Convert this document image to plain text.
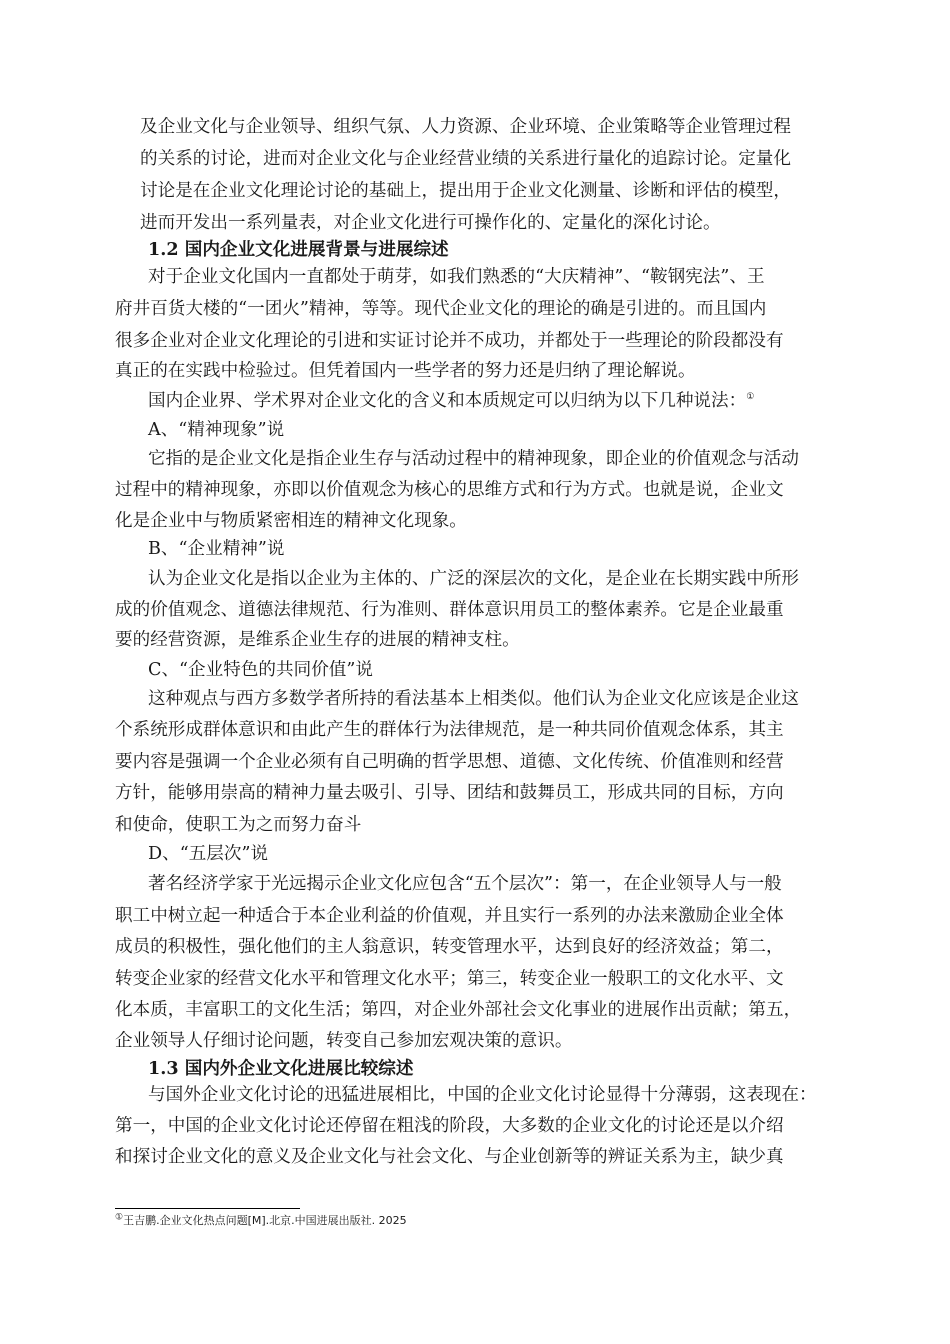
及企业文化与企业领导、组织气氛、人力资源、企业环境、企业策略等企业管理过程
的关系的讨论，进而对企业文化与企业经营业绩的关系进行量化的追踪讨论。定量化
讨论是在企业文化理论讨论的基础上，提出用于企业文化测量、诊断和评估的模型，
进而开发出一系列量表，对企业文化进行可操作化的、定量化的深化讨论。
1.2 国内企业文化进展背景与进展综述
对于企业文化国内一直都处于萌芽，如我们熟悉的“大庆精神”、“鞍钢宪法”、王
府井百货大楼的“一团火”精神，等等。现代企业文化的理论的确是引进的。而且国内
很多企业对企业文化理论的引进和实证讨论并不成功，并都处于一些理论的阶段都没有
真正的在实践中检验过。但凭着国内一些学者的努力还是归纳了理论解说。
国内企业界、学术界对企业文化的含义和本质规定可以归纳为以下几种说法：①
A、“精神现象”说
它指的是企业文化是指企业生存与活动过程中的精神现象，即企业的价值观念与活动
过程中的精神现象，亦即以价值观念为核心的思维方式和行为方式。也就是说，企业文
化是企业中与物质紧密相连的精神文化现象。
B、“企业精神”说
认为企业文化是指以企业为主体的、广泛的深层次的文化，是企业在长期实践中所形
成的价值观念、道德法律规范、行为准则、群体意识用员工的整体素养。它是企业最重
要的经营资源，是维系企业生存的进展的精神支柱。
C、“企业特色的共同价值”说
这种观点与西方多数学者所持的看法基本上相类似。他们认为企业文化应该是企业这
个系统形成群体意识和由此产生的群体行为法律规范，是一种共同价值观念体系，其主
要内容是强调一个企业必须有自己明确的哲学思想、道德、文化传统、价值准则和经营
方针，能够用崇高的精神力量去吸引、引导、团结和鼓舞员工，形成共同的目标，方向
和使命，使职工为之而努力奋斗
D、“五层次”说
著名经济学家于光远揭示企业文化应包含“五个层次”：第一，在企业领导人与一般
职工中树立起一种适合于本企业利益的价值观，并且实行一系列的办法来激励企业全体
成员的积极性，强化他们的主人翁意识，转变管理水平，达到良好的经济效益；第二，
转变企业家的经营文化水平和管理文化水平；第三，转变企业一般职工的文化水平、文
化本质，丰富职工的文化生活；第四，对企业外部社会文化事业的进展作出贡献；第五，
企业领导人仔细讨论问题，转变自己参加宏观决策的意识。
1.3 国内外企业文化进展比较综述
与国外企业文化讨论的迅猛进展相比，中国的企业文化讨论显得十分薄弱，这表现在：
第一，中国的企业文化讨论还停留在粗浅的阶段，大多数的企业文化的讨论还是以介绍
和探讨企业文化的意义及企业文化与社会文化、与企业创新等的辨证关系为主，缺少真
①王吉鹏.企业文化热点问题[M].北京.中国进展出版社. 2025
